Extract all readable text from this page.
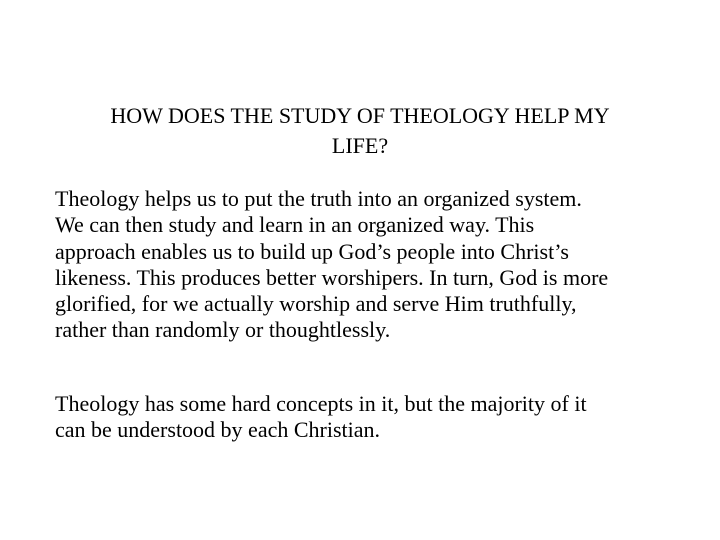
HOW DOES THE STUDY OF THEOLOGY HELP MY
LIFE?

Theology helps us to put the truth into an organized system.
We can then study and learn in an organized way. This
approach enables us to build up God’s people into Christ’s
likeness. This produces better worshipers. In turn, God is more
glorified, for we actually worship and serve Him truthfully,
rather than randomly or thoughtlessly.

Theology has some hard concepts in it, but the majority of it
can be understood by each Christian.
